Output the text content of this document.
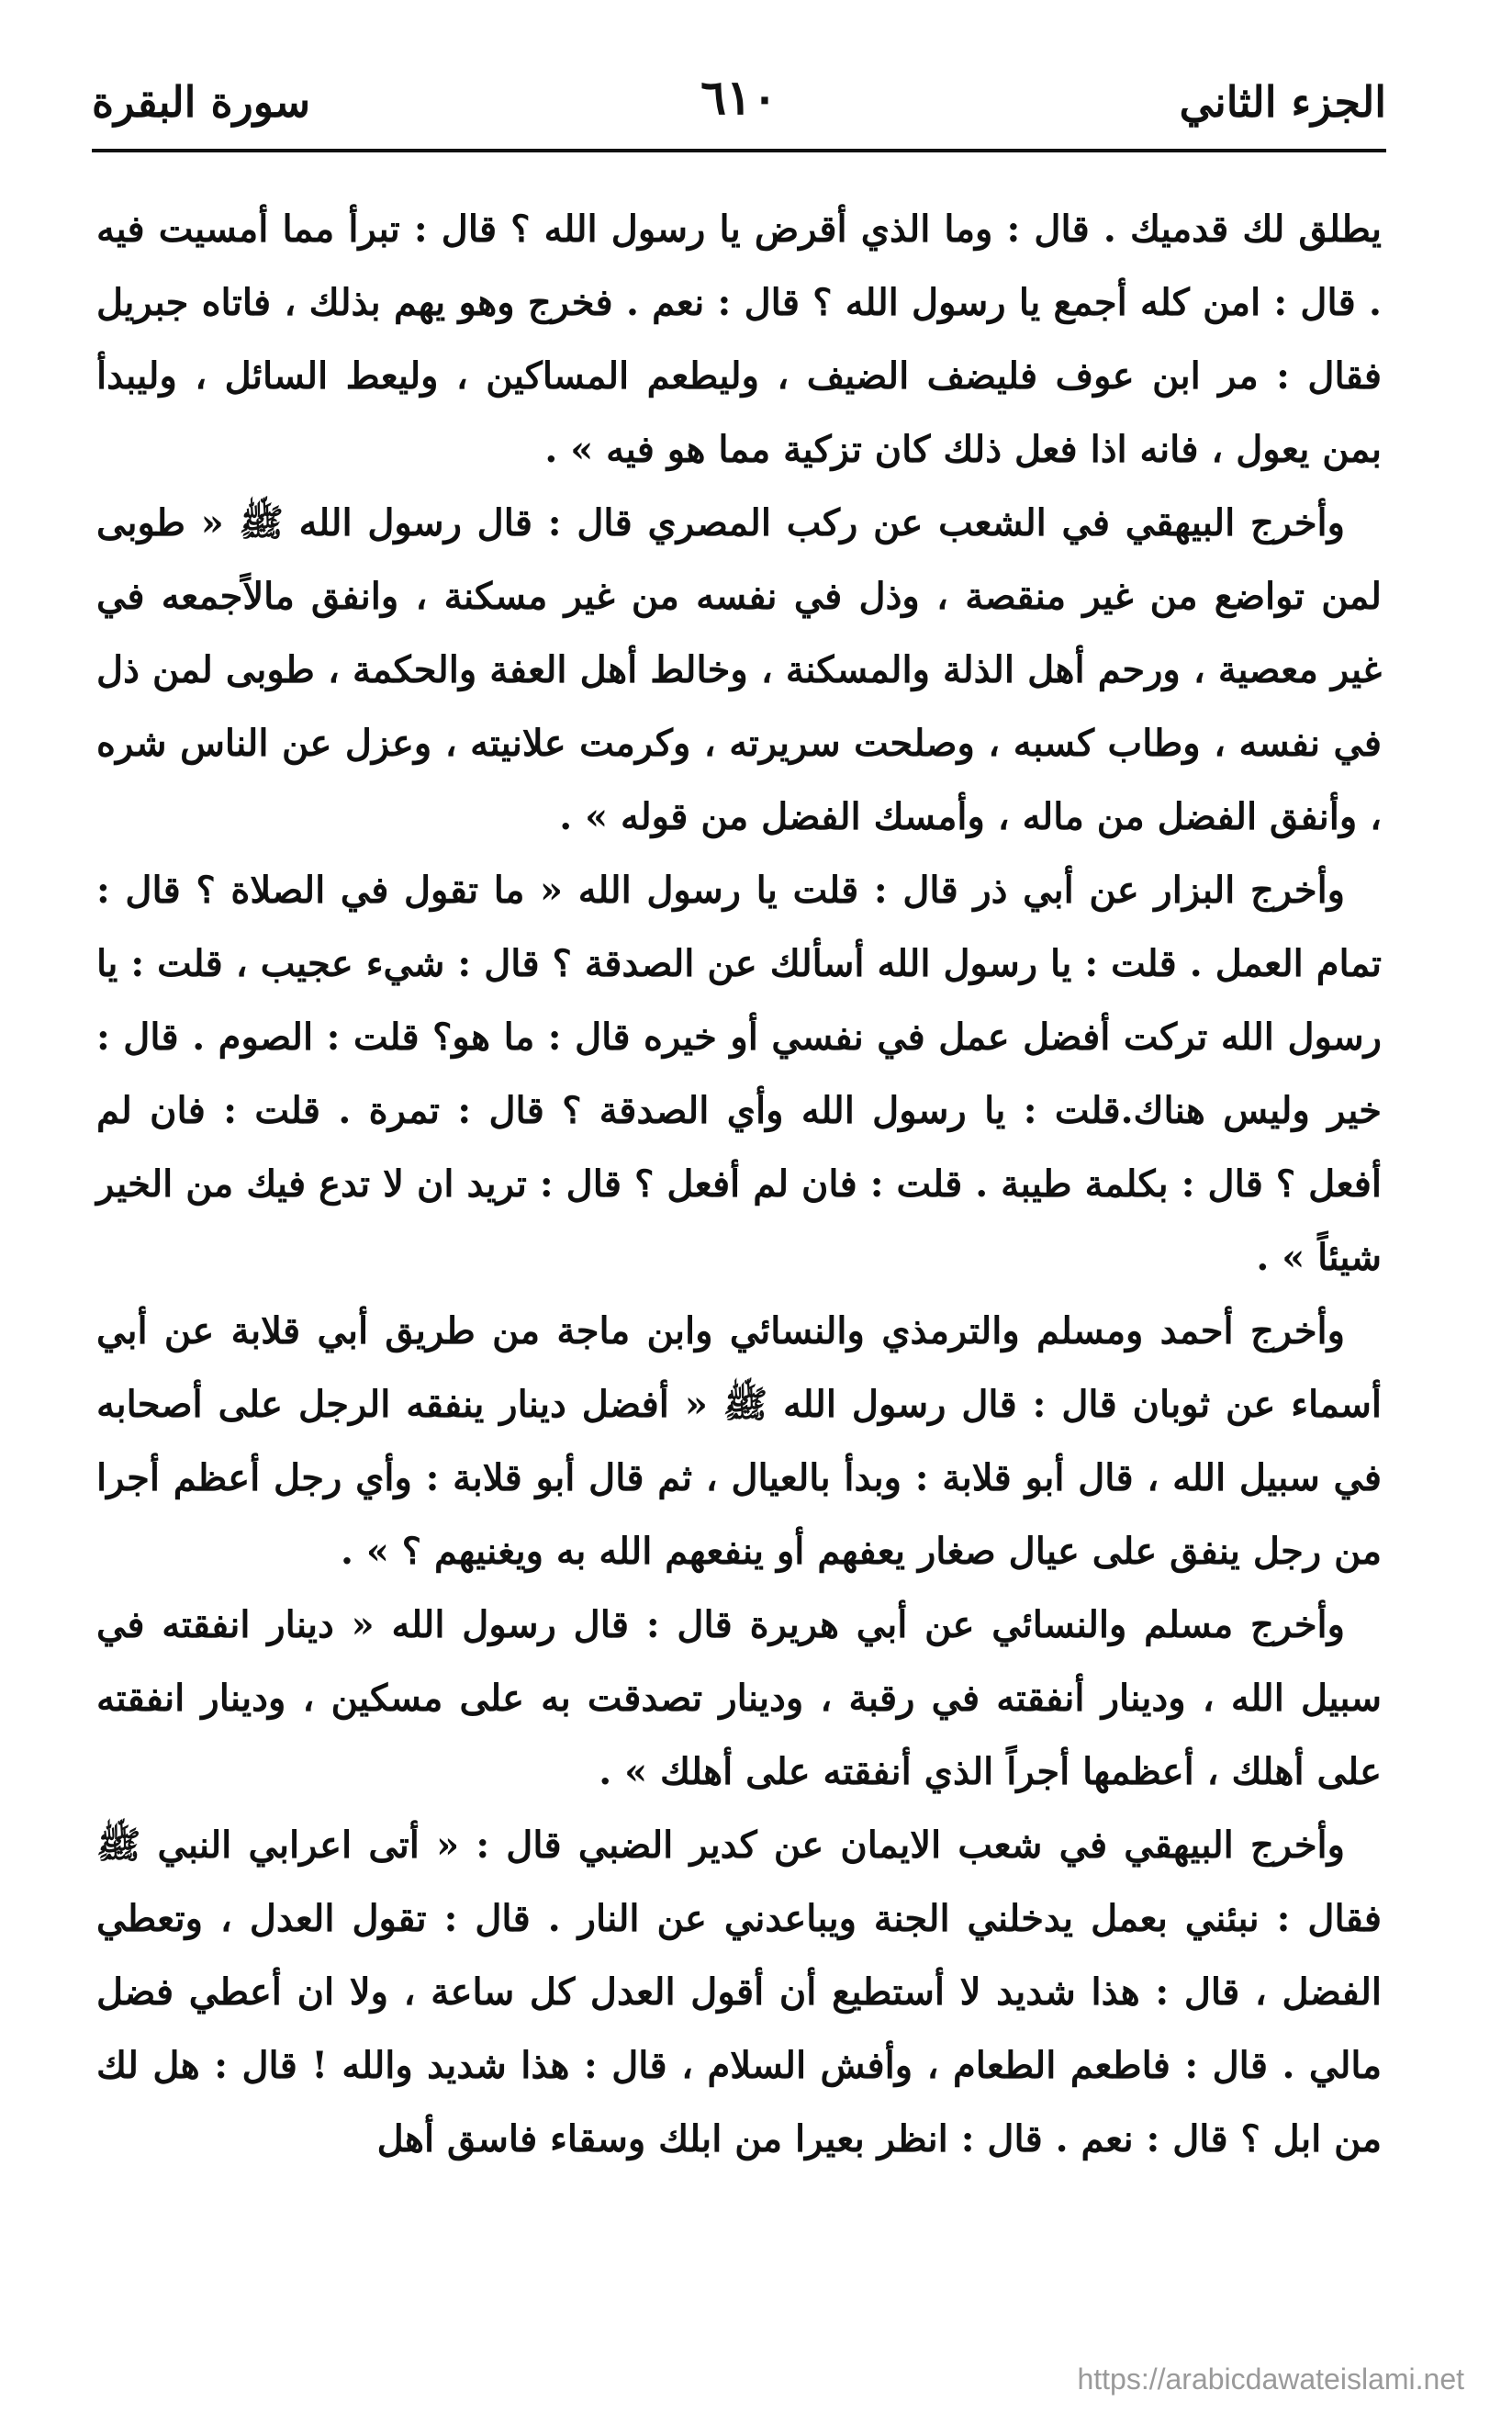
الجزء الثاني
٦١٠
سورة البقرة

يطلق لك قدميك . قال : وما الذي أقرض يا رسول الله ؟ قال : تبرأ مما أمسيت فيه . قال : امن كله أجمع يا رسول الله ؟ قال : نعم . فخرج وهو يهم بذلك ، فاتاه جبريل فقال : مر ابن عوف فليضف الضيف ، وليطعم المساكين ، وليعط السائل ، وليبدأ بمن يعول ، فانه اذا فعل ذلك كان تزكية مما هو فيه » .

وأخرج البيهقي في الشعب عن ركب المصري قال : قال رسول الله ﷺ « طوبى لمن تواضع من غير منقصة ، وذل في نفسه من غير مسكنة ، وانفق مالاًجمعه في غير معصية ، ورحم أهل الذلة والمسكنة ، وخالط أهل العفة والحكمة ، طوبى لمن ذل في نفسه ، وطاب كسبه ، وصلحت سريرته ، وكرمت علانيته ، وعزل عن الناس شره ، وأنفق الفضل من ماله ، وأمسك الفضل من قوله » .

وأخرج البزار عن أبي ذر قال : قلت يا رسول الله « ما تقول في الصلاة ؟ قال : تمام العمل . قلت : يا رسول الله أسألك عن الصدقة ؟ قال : شيء عجيب ، قلت : يا رسول الله تركت أفضل عمل في نفسي أو خيره قال : ما هو؟ قلت : الصوم . قال : خير وليس هناك.قلت : يا رسول الله وأي الصدقة ؟ قال : تمرة . قلت : فان لم أفعل ؟ قال : بكلمة طيبة . قلت : فان لم أفعل ؟ قال : تريد ان لا تدع فيك من الخير شيئاً » .

وأخرج أحمد ومسلم والترمذي والنسائي وابن ماجة من طريق أبي قلابة عن أبي أسماء عن ثوبان قال : قال رسول الله ﷺ « أفضل دينار ينفقه الرجل على أصحابه في سبيل الله ، قال أبو قلابة : وبدأ بالعيال ، ثم قال أبو قلابة : وأي رجل أعظم أجرا من رجل ينفق على عيال صغار يعفهم أو ينفعهم الله به ويغنيهم ؟ » .

وأخرج مسلم والنسائي عن أبي هريرة قال : قال رسول الله « دينار انفقته في سبيل الله ، ودينار أنفقته في رقبة ، ودينار تصدقت به على مسكين ، ودينار انفقته على أهلك ، أعظمها أجراً الذي أنفقته على أهلك » .

وأخرج البيهقي في شعب الايمان عن كدير الضبي قال : « أتى اعرابي النبي ﷺ فقال : نبئني بعمل يدخلني الجنة ويباعدني عن النار . قال : تقول العدل ، وتعطي الفضل ، قال : هذا شديد لا أستطيع أن أقول العدل كل ساعة ، ولا ان أعطي فضل مالي . قال : فاطعم الطعام ، وأفش السلام ، قال : هذا شديد والله ! قال : هل لك من ابل ؟ قال : نعم . قال : انظر بعيرا من ابلك وسقاء فاسق أهل

https://arabicdawateislami.net
